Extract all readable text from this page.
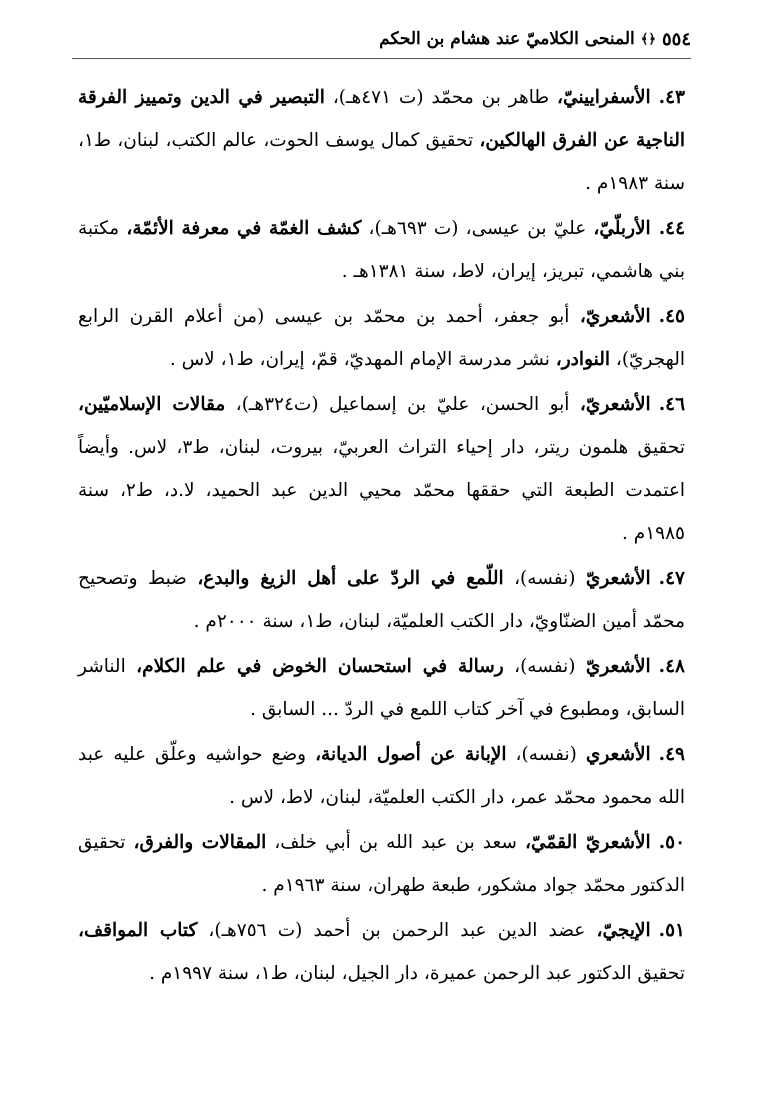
٥٥٤
﴿﴾
المنحى الكلاميّ عند هشام بن الحكم

٤٣.الأسفرايينيّ، طاهر بن محمّد (ت ٤٧١هـ)، التبصير في الدين وتمييز الفرقة الناجية عن الفرق الهالكين، تحقيق كمال يوسف الحوت، عالم الكتب، لبنان، ط١، سنة ١٩٨٣م .

٤٤.الأربلّيّ، عليّ بن عيسى، (ت ٦٩٣هـ)، كشف الغمّة في معرفة الأئمّة، مكتبة بني هاشمي، تبريز، إيران، لاط، سنة ١٣٨١هـ .

٤٥.الأشعريّ، أبو جعفر، أحمد بن محمّد بن عيسى (من أعلام القرن الرابع الهجريّ)، النوادر، نشر مدرسة الإمام المهديّ، قمّ، إيران، ط١، لاس .

٤٦.الأشعريّ، أبو الحسن، عليّ بن إسماعيل (ت٣٢٤هـ)، مقالات الإسلاميّين، تحقيق هلمون ريتر، دار إحياء التراث العربيّ، بيروت، لبنان، ط٣، لاس. وأيضاً اعتمدت الطبعة التي حققها محمّد محيي الدين عبد الحميد، لا.د، ط٢، سنة ١٩٨٥م .

٤٧.الأشعريّ (نفسه)، اللّمع في الردّ على أهل الزيغ والبدع، ضبط وتصحيح محمّد أمين الضنّاويّ، دار الكتب العلميّة، لبنان، ط١، سنة ٢٠٠٠م .

٤٨.الأشعريّ (نفسه)، رسالة في استحسان الخوض في علم الكلام، الناشر السابق، ومطبوع في آخر كتاب اللمع في الردّ ... السابق .

٤٩.الأشعري (نفسه)، الإبانة عن أصول الديانة، وضع حواشيه وعلّق عليه عبد الله محمود محمّد عمر، دار الكتب العلميّة، لبنان، لاط، لاس .

٥٠.الأشعريّ القمّيّ، سعد بن عبد الله بن أبي خلف، المقالات والفرق، تحقيق الدكتور محمّد جواد مشكور، طبعة طهران، سنة ١٩٦٣م .

٥١.الإيجيّ، عضد الدين عبد الرحمن بن أحمد (ت ٧٥٦هـ)، كتاب المواقف، تحقيق الدكتور عبد الرحمن عميرة، دار الجيل، لبنان، ط١، سنة ١٩٩٧م .
